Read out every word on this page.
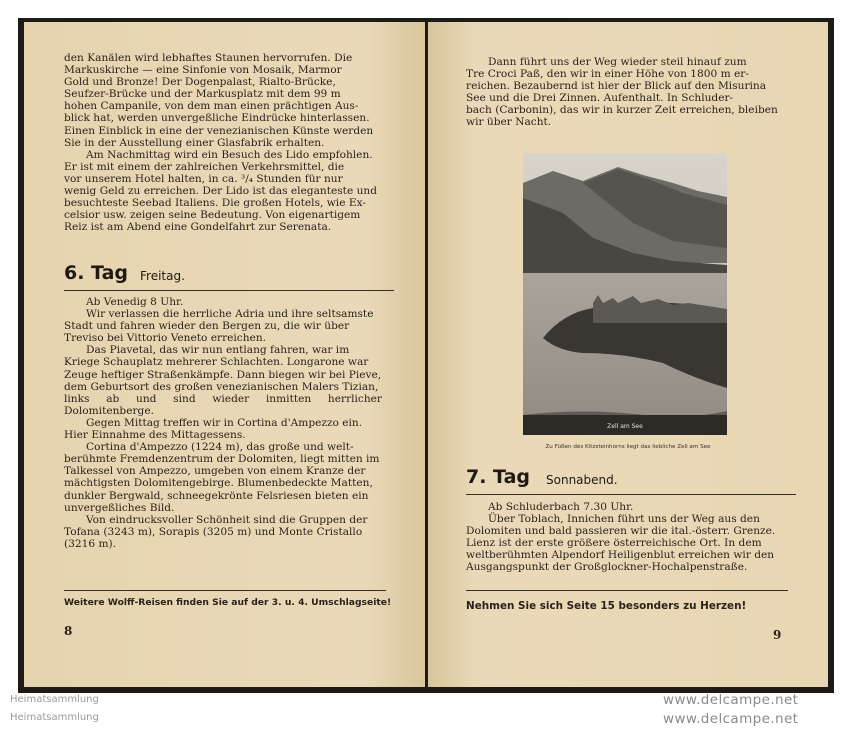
den Kanälen wird lebhaftes Staunen hervorrufen. Die

Markuskirche — eine Sinfonie von Mosaik, Marmor

Gold und Bronze! Der Dogenpalast, Rialto-Brücke,

Seufzer-Brücke und der Markusplatz mit dem 99 m

hohen Campanile, von dem man einen prächtigen Aus-

blick hat, werden unvergeßliche Eindrücke hinterlassen.

Einen Einblick in eine der venezianischen Künste werden

Sie in der Ausstellung einer Glasfabrik erhalten.

Am Nachmittag wird ein Besuch des Lido empfohlen.

Er ist mit einem der zahlreichen Verkehrsmittel, die

vor unserem Hotel halten, in ca. ³/₄ Stunden für nur

wenig Geld zu erreichen. Der Lido ist das eleganteste und

besuchteste Seebad Italiens. Die großen Hotels, wie Ex-

celsior usw. zeigen seine Bedeutung. Von eigenartigem

Reiz ist am Abend eine Gondelfahrt zur Serenata.

6. Tag Freitag.

Ab Venedig 8 Uhr.

Wir verlassen die herrliche Adria und ihre seltsamste

Stadt und fahren wieder den Bergen zu, die wir über

Treviso bei Vittorio Veneto erreichen.

Das Piavetal, das wir nun entlang fahren, war im

Kriege Schauplatz mehrerer Schlachten. Longarone war

Zeuge heftiger Straßenkämpfe. Dann biegen wir bei Pieve,

dem Geburtsort des großen venezianischen Malers Tizian,

links ab und sind wieder inmitten herrlicher Dolomitenberge.

Gegen Mittag treffen wir in Cortina d'Ampezzo ein.

Hier Einnahme des Mittagessens.

Cortina d'Ampezzo (1224 m), das große und welt-

berühmte Fremdenzentrum der Dolomiten, liegt mitten im

Talkessel von Ampezzo, umgeben von einem Kranze der

mächtigsten Dolomitengebirge. Blumenbedeckte Matten,

dunkler Bergwald, schneegekrönte Felsriesen bieten ein

unvergeßliches Bild.

Von eindrucksvoller Schönheit sind die Gruppen der

Tofana (3243 m), Sorapis (3205 m) und Monte Cristallo

(3216 m).

Weitere Wolff-Reisen finden Sie auf der 3. u. 4. Umschlagseite!
8

Dann führt uns der Weg wieder steil hinauf zum

Tre Croci Paß, den wir in einer Höhe von 1800 m er-

reichen. Bezaubernd ist hier der Blick auf den Misurina

See und die Drei Zinnen. Aufenthalt. In Schluder-

bach (Carbonin), das wir in kurzer Zeit erreichen, bleiben

wir über Nacht.

Zell am See
Zu Füßen des Kitzsteinhorns liegt das liebliche Zell am See
7. Tag Sonnabend.

Ab Schluderbach 7.30 Uhr.

Über Toblach, Innichen führt uns der Weg aus den

Dolomiten und bald passieren wir die ital.-österr. Grenze.

Lienz ist der erste größere österreichische Ort. In dem

weltberühmten Alpendorf Heiligenblut erreichen wir den

Ausgangspunkt der Großglockner-Hochalpenstraße.

Nehmen Sie sich Seite 15 besonders zu Herzen!
9
Heimatsammlung
Heimatsammlung
www.delcampe.net
www.delcampe.net
